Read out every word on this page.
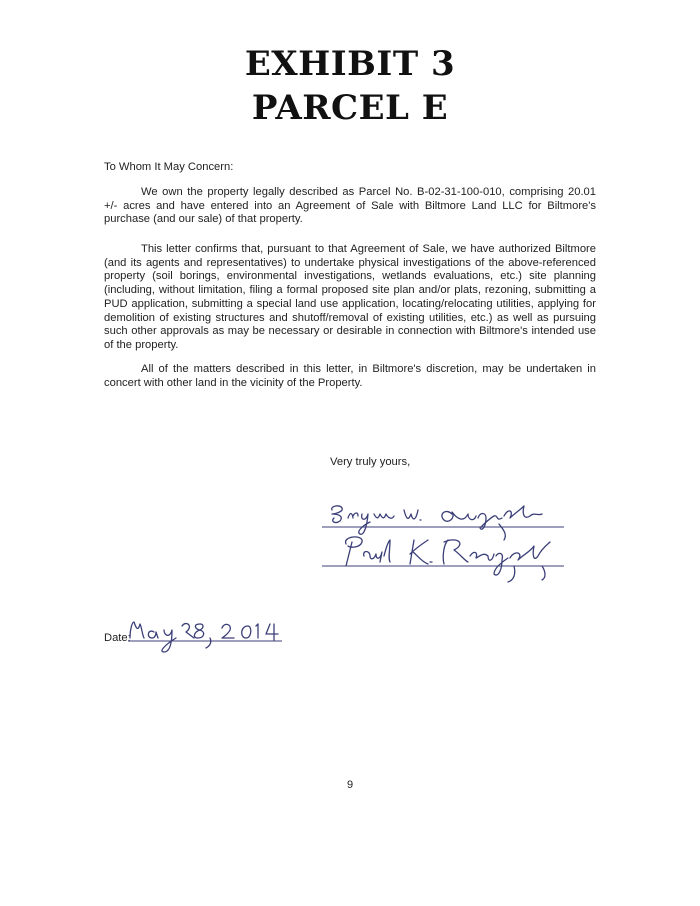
EXHIBIT 3
PARCEL E
To Whom It May Concern:

We own the property legally described as Parcel No. B-02-31-100-010, comprising 20.01 +/- acres and have entered into an Agreement of Sale with Biltmore Land LLC for Biltmore's purchase (and our sale) of that property.

This letter confirms that, pursuant to that Agreement of Sale, we have authorized Biltmore (and its agents and representatives) to undertake physical investigations of the above-referenced property (soil borings, environmental investigations, wetlands evaluations, etc.) site planning (including, without limitation, filing a formal proposed site plan and/or plats, rezoning, submitting a PUD application, submitting a special land use application, locating/relocating utilities, applying for demolition of existing structures and shutoff/removal of existing utilities, etc.) as well as pursuing such other approvals as may be necessary or desirable in connection with Biltmore's intended use of the property.

All of the matters described in this letter, in Biltmore's discretion, may be undertaken in concert with other land in the vicinity of the Property.

Very truly yours,
Date:
9
